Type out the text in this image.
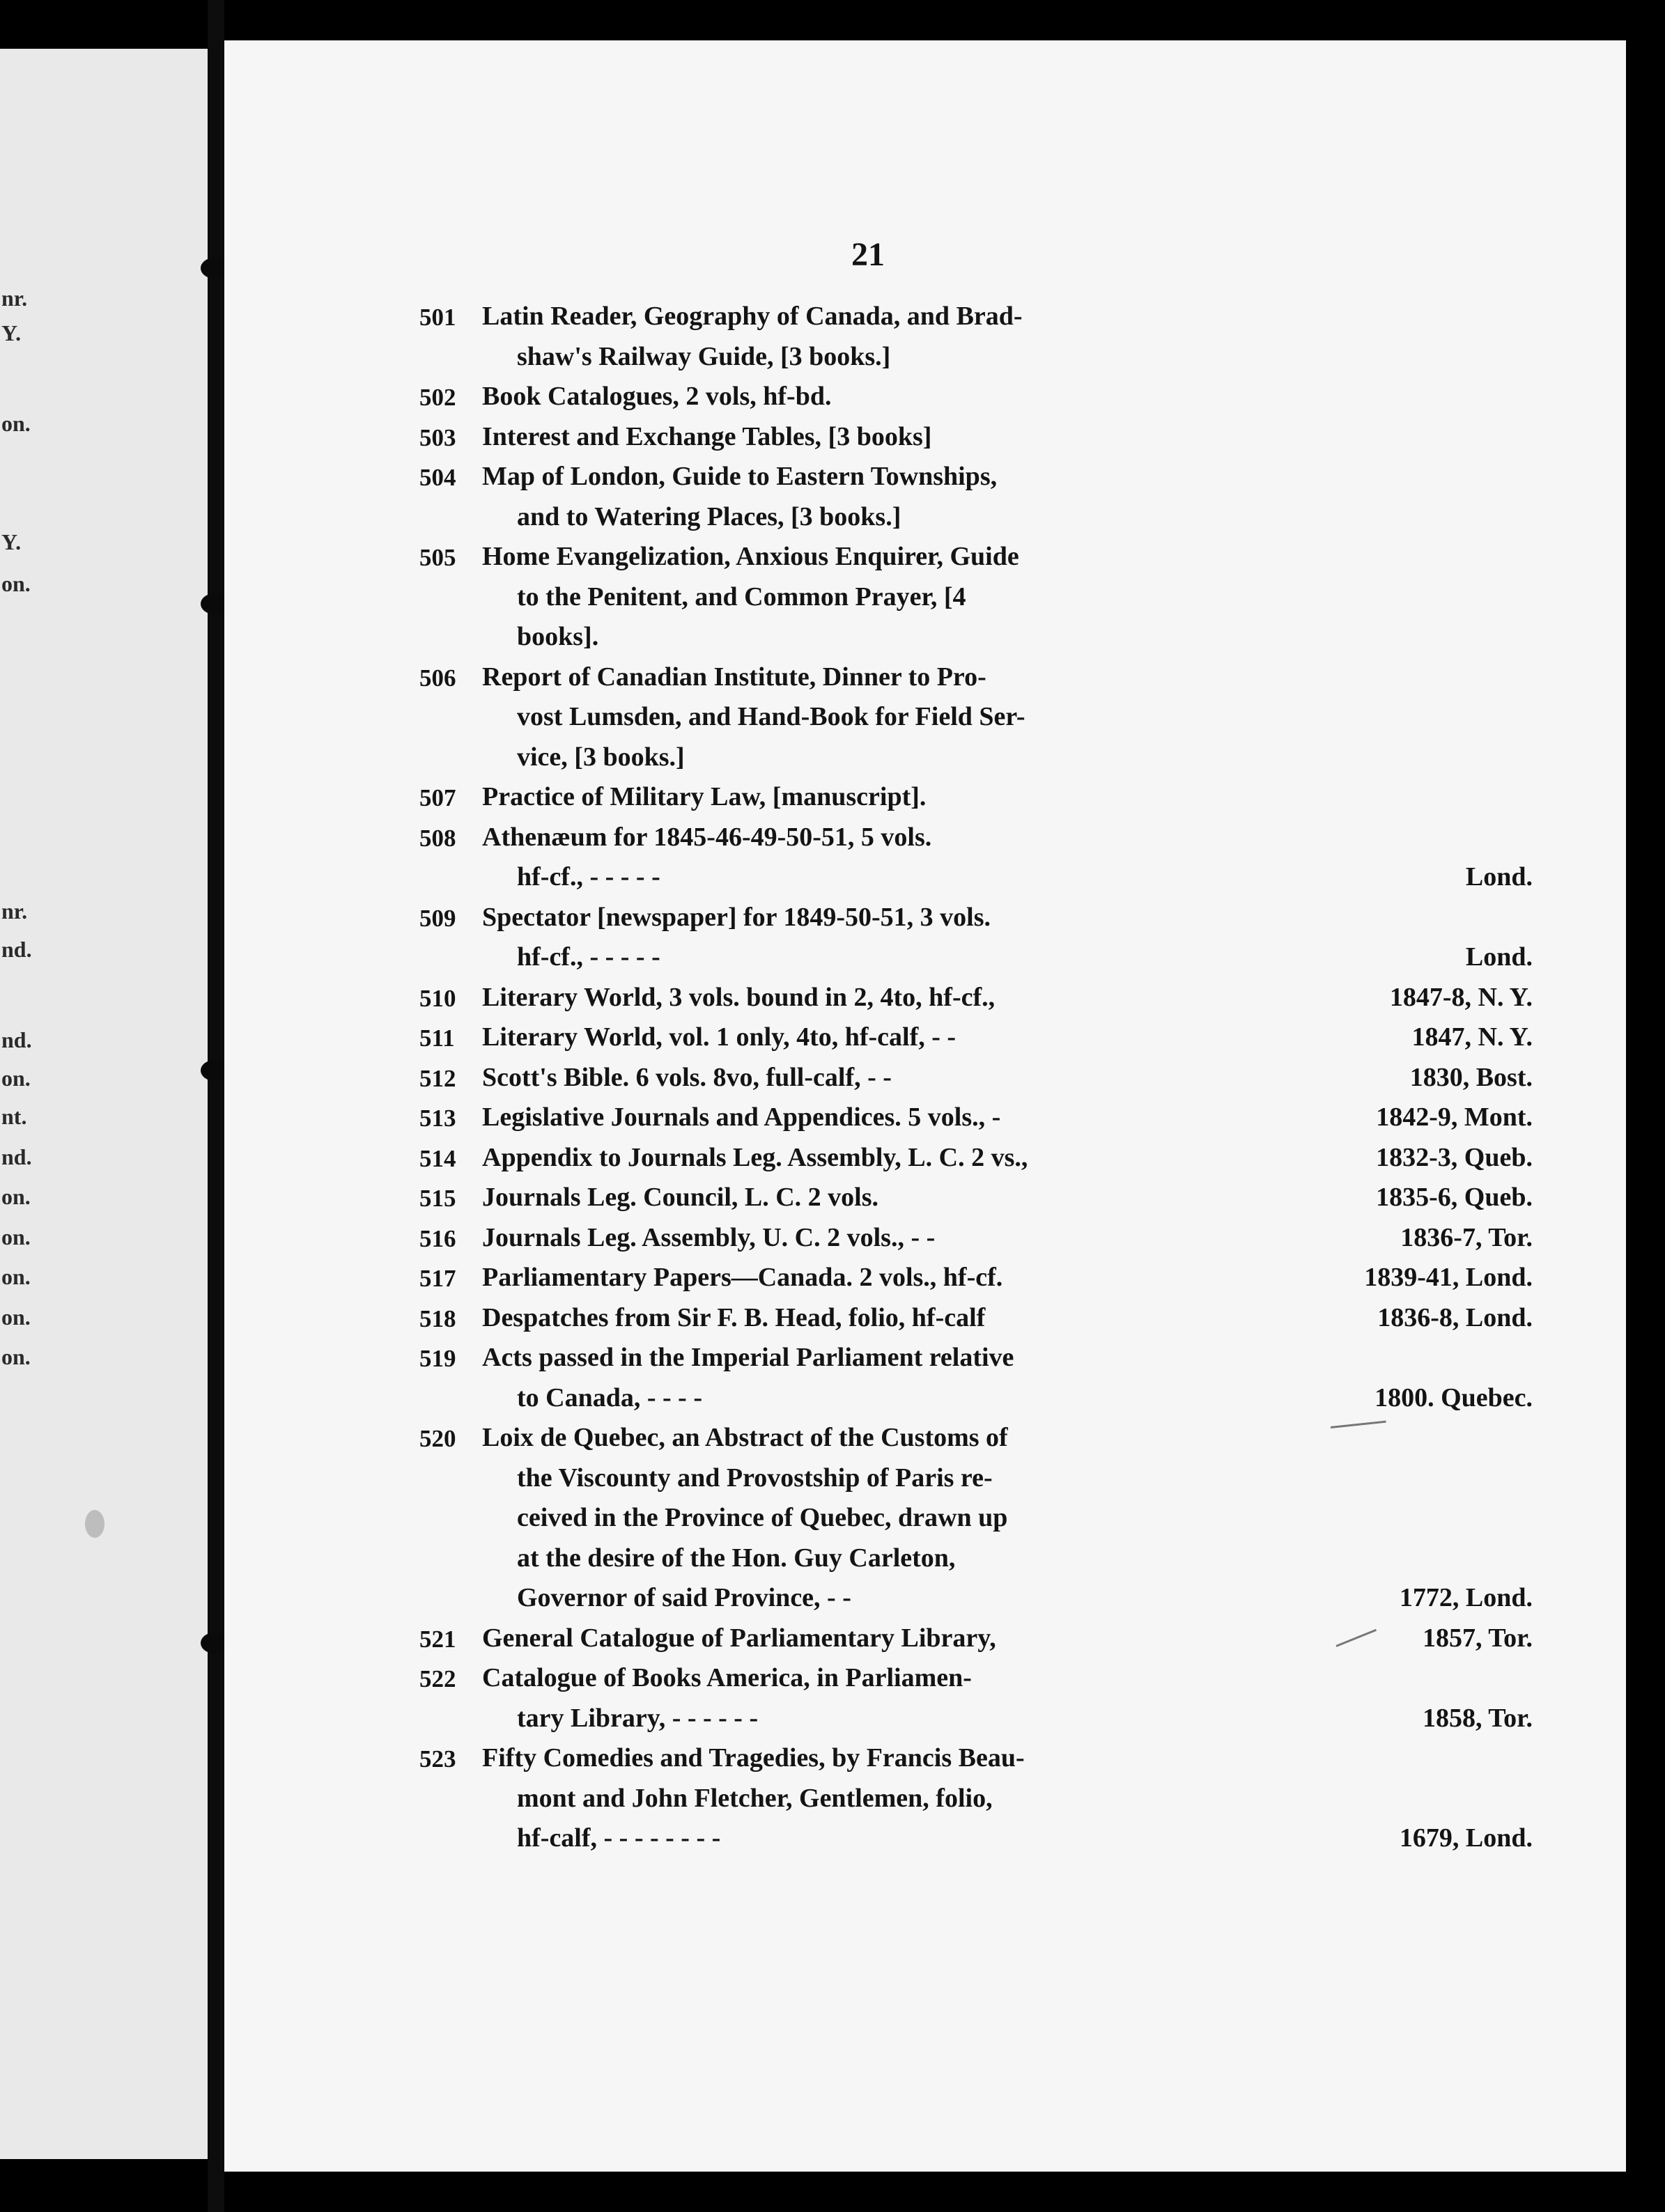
nr.
Y.
on.
Y.
on.
nr.
nd.
nd.
on.
nt.
nd.
on.
on.
on.
on.
on.
21
501 Latin Reader, Geography of Canada, and Brad-
shaw's Railway Guide, [3 books.]
502 Book Catalogues, 2 vols, hf-bd.
503 Interest and Exchange Tables, [3 books]
504 Map of London, Guide to Eastern Townships,
and to Watering Places, [3 books.]
505 Home Evangelization, Anxious Enquirer, Guide
to the Penitent, and Common Prayer, [4
books].
506 Report of Canadian Institute, Dinner to Pro-
vost Lumsden, and Hand-Book for Field Ser-
vice, [3 books.]
507 Practice of Military Law, [manuscript].
508 Athenæum for 1845-46-49-50-51, 5 vols.
hf-cf., - - - - -	Lond.
509 Spectator [newspaper] for 1849-50-51, 3 vols.
hf-cf., - - - - -	Lond.
510 Literary World, 3 vols. bound in 2, 4to, hf-cf.,	1847-8, N. Y.
511 Literary World, vol. 1 only, 4to, hf-calf, - -	1847, N. Y.
512 Scott's Bible. 6 vols. 8vo, full-calf, - -	1830, Bost.
513 Legislative Journals and Appendices. 5 vols., -	1842-9, Mont.
514 Appendix to Journals Leg. Assembly, L. C. 2 vs.,	1832-3, Queb.
515 Journals Leg. Council, L. C. 2 vols.	1835-6, Queb.
516 Journals Leg. Assembly, U. C. 2 vols., - -	1836-7, Tor.
517 Parliamentary Papers—Canada. 2 vols., hf-cf.	1839-41, Lond.
518 Despatches from Sir F. B. Head, folio, hf-calf	1836-8, Lond.
519 Acts passed in the Imperial Parliament relative
to Canada, - - - -	1800. Quebec.
520 Loix de Quebec, an Abstract of the Customs of
the Viscounty and Provostship of Paris re-
ceived in the Province of Quebec, drawn up
at the desire of the Hon. Guy Carleton,
Governor of said Province, - -	1772, Lond.
521 General Catalogue of Parliamentary Library,	1857, Tor.
522 Catalogue of Books America, in Parliamen-
tary Library, - - - - - -	1858, Tor.
523 Fifty Comedies and Tragedies, by Francis Beau-
mont and John Fletcher, Gentlemen, folio,
hf-calf, - - - - - - - -	1679, Lond.
